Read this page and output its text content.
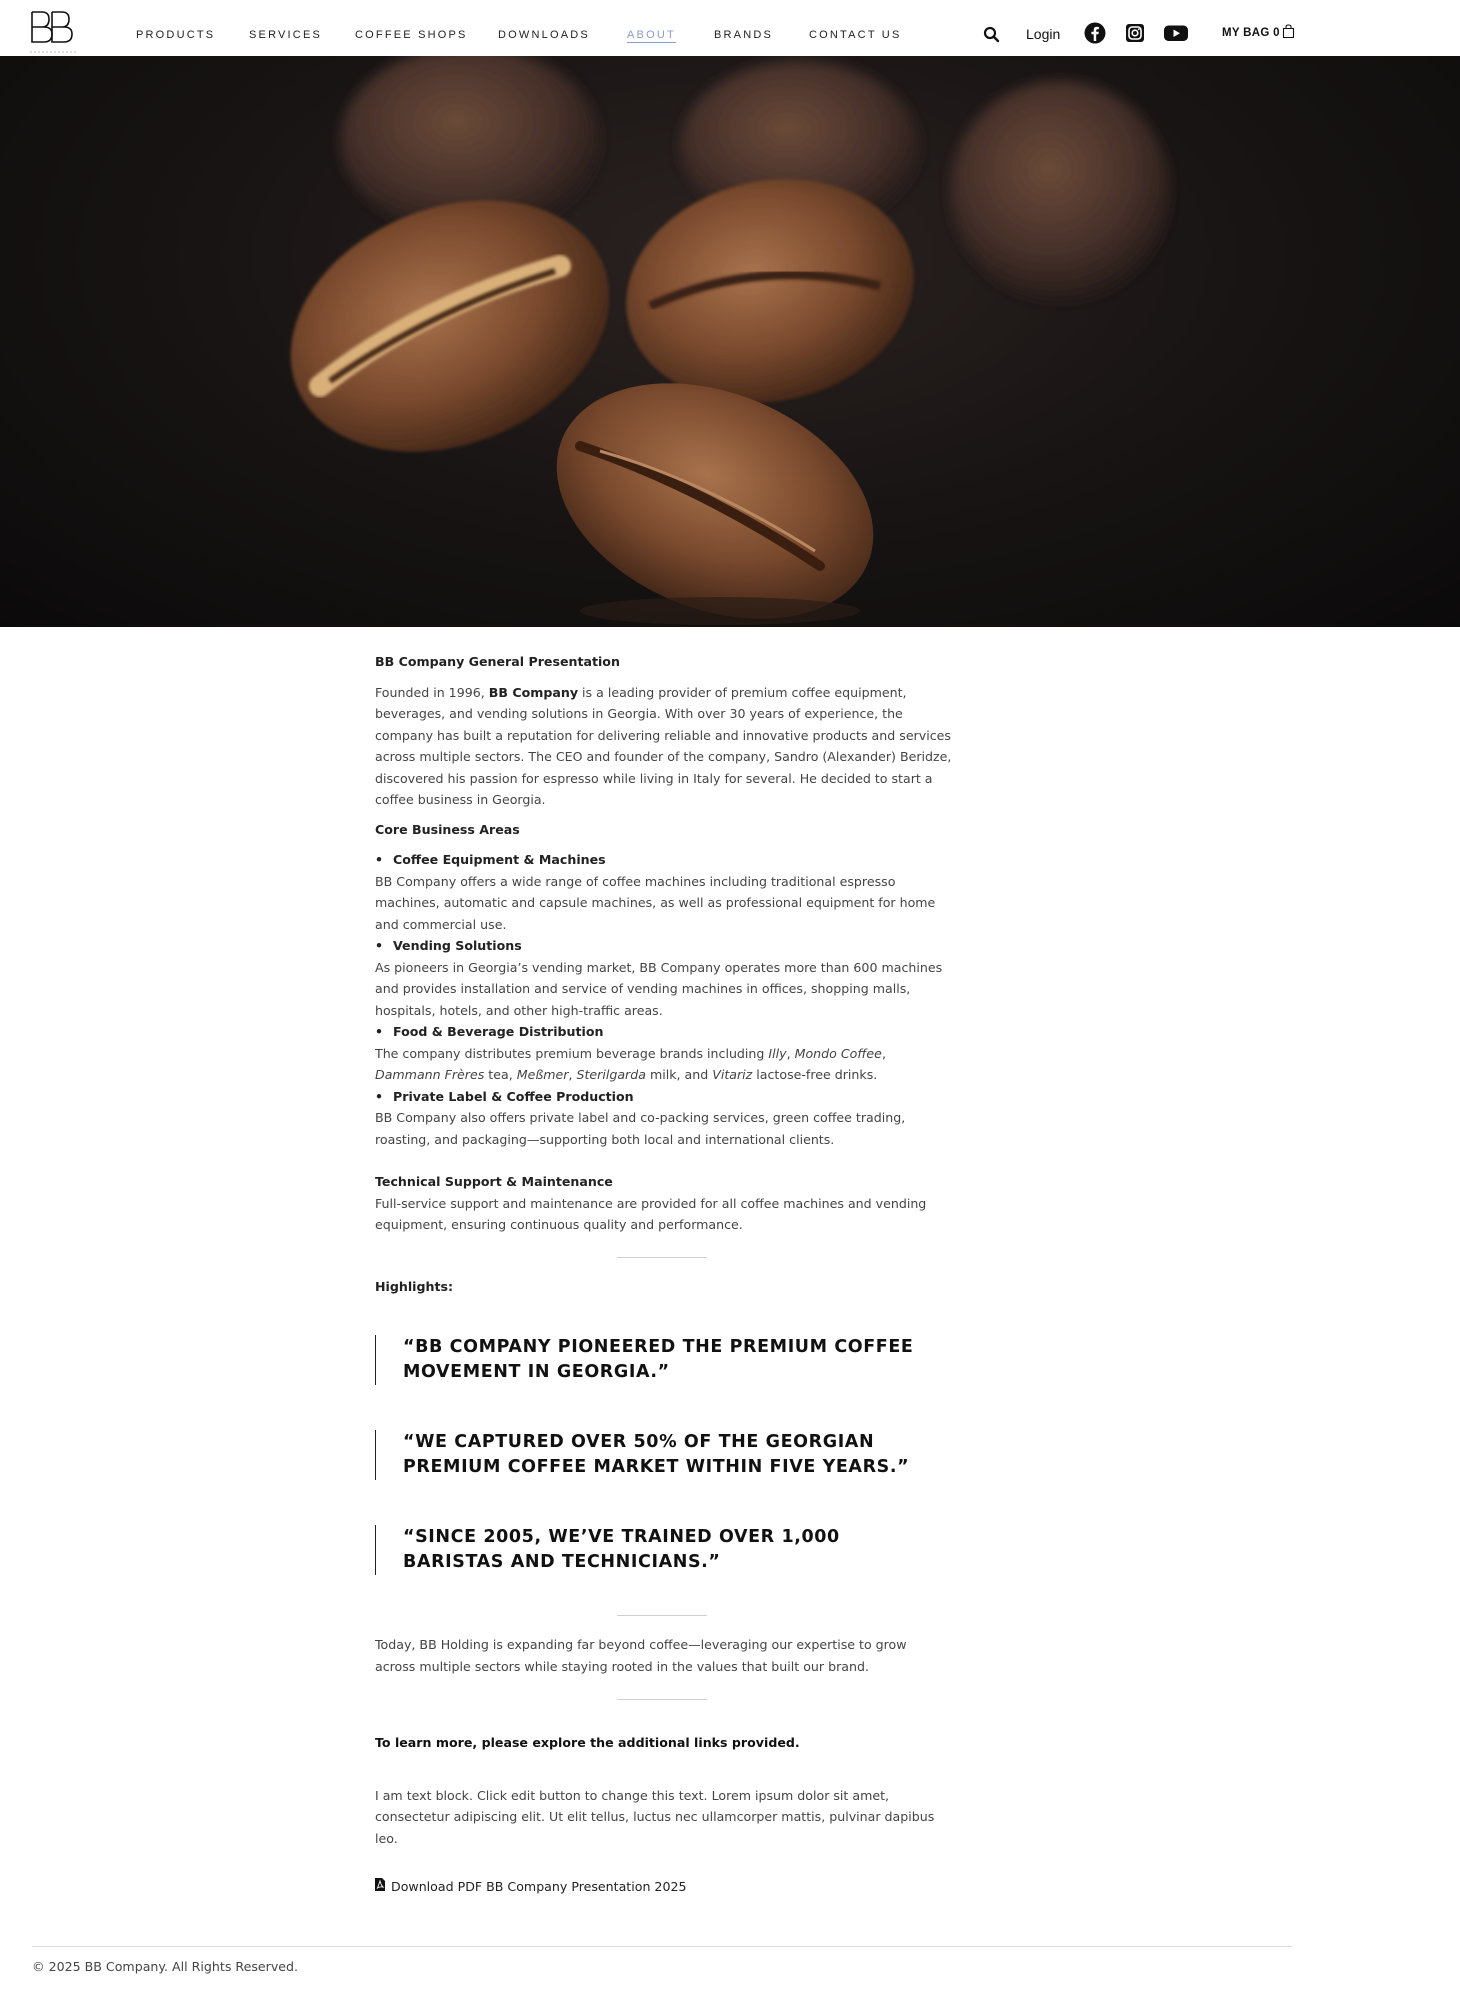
PRODUCTS	SERVICES	COFFEE SHOPS	DOWNLOADS	ABOUT	BRANDS	CONTACT US	Login	MY BAG 0

BB Company General Presentation

Founded in 1996, BB Company is a leading provider of premium coffee equipment, beverages, and vending solutions in Georgia. With over 30 years of experience, the company has built a reputation for delivering reliable and innovative products and services across multiple sectors. The CEO and founder of the company, Sandro (Alexander) Beridze, discovered his passion for espresso while living in Italy for several. He decided to start a coffee business in Georgia.

Core Business Areas

• Coffee Equipment & Machines

BB Company offers a wide range of coffee machines including traditional espresso machines, automatic and capsule machines, as well as professional equipment for home and commercial use.

• Vending Solutions

As pioneers in Georgia’s vending market, BB Company operates more than 600 machines and provides installation and service of vending machines in offices, shopping malls, hospitals, hotels, and other high-traffic areas.

• Food & Beverage Distribution

The company distributes premium beverage brands including Illy, Mondo Coffee, Dammann Frères tea, Meßmer, Sterilgarda milk, and Vitariz lactose-free drinks.

• Private Label & Coffee Production

BB Company also offers private label and co-packing services, green coffee trading, roasting, and packaging—supporting both local and international clients.

Technical Support & Maintenance

Full-service support and maintenance are provided for all coffee machines and vending equipment, ensuring continuous quality and performance.

Highlights:

“BB COMPANY PIONEERED THE PREMIUM COFFEE MOVEMENT IN GEORGIA.”
“WE CAPTURED OVER 50% OF THE GEORGIAN PREMIUM COFFEE MARKET WITHIN FIVE YEARS.”
“SINCE 2005, WE’VE TRAINED OVER 1,000 BARISTAS AND TECHNICIANS.”

Today, BB Holding is expanding far beyond coffee—leveraging our expertise to grow across multiple sectors while staying rooted in the values that built our brand.

To learn more, please explore the additional links provided.

I am text block. Click edit button to change this text. Lorem ipsum dolor sit amet, consectetur adipiscing elit. Ut elit tellus, luctus nec ullamcorper mattis, pulvinar dapibus leo.

Download PDF BB Company Presentation 2025
© 2025 BB Company. All Rights Reserved.
